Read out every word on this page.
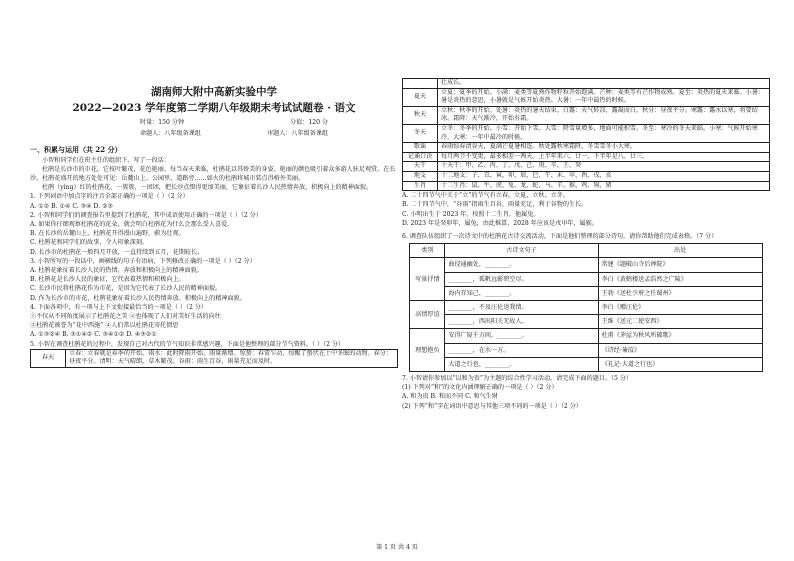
湖南师大附中高新实验中学
2022—2023 学年度第二学期八年级期末考试试题卷 · 语文
时量：150 分钟	分值：120 分
命题人：八年级备课组	审题人：八年级备课组
一、积累与运用（共 22 分）

小智和同学们在班主任的组织下，写了一段话：

杜鹃是长沙市的市花，它枝叶繁茂，花色艳丽。每当春天来临，杜鹃花以其娇美的身姿、艳丽的颜色吸引着众多游人驻足观赏。在长沙，杜鹃花盛开的地方处处可见：岳麓山上、公园里、道路旁……如火的杜鹃将城市装点得格外美丽。

杜鹃（yìng）红的杜鹃花，一簇簇、一团团，把长沙点缀得更加美丽，它象征着长沙人民热情奔放、积极向上的精神面貌。

1. 下列词语中加点字的注音全部正确的一项是（ ）（2 分）

A. ①② B. ①④ C. ③④ D. ②③

2. 小智和同学们的调查报告里提到了杜鹃花，其中成语使用正确的一项是（ ）（2 分）

A. 如果你仔细观察杜鹃花的花朵，就会明白杜鹃花为什么会那么受人喜爱。

B. 在长沙的岳麓山上，杜鹃花开得漫山遍野，蔚为壮观。

C. 杜鹃花和同学们的故事，令人印象深刻。

D. 长沙市的杜鹃花一般四月开放，一直持续到五月，花期较长。

3. 小智所写的一段话中，画横线的句子有语病，下列修改正确的一项是（ ）（2 分）

A. 杜鹃花象征着长沙人民的热情、奔放和积极向上的精神面貌。

B. 杜鹃花是长沙人民的象征，它代表着热情和积极向上。

C. 长沙市民将杜鹃花作为市花，是因为它代表了长沙人民的精神面貌。

D. 作为长沙市的市花，杜鹃花象征着长沙人民热情奔放、积极向上的精神面貌。

4. 下面各项中，有一项与上下文衔接最恰当的一项是（ ）（2 分）

①不仅从不同角度展示了杜鹃花之美 ②也体现了人们对美好生活的向往

③杜鹃花被誉为“花中西施” ④人们常以杜鹃花寄托情思

A. ①③②④ B. ③①④② C. ③④①② D. ④③②①

5. 小智在调查杜鹃花的过程中，发现自己对古代的节气知识非常感兴趣，下面是他整理的部分节气资料。（ ）（2 分）

春天	立春：立春就是春季的开始。雨水：此时降雨开始，雨量渐增。惊蛰：春雷乍动，惊醒了蛰伏在土中冬眠的动物。春分：昼夜平分。清明：天气晴朗，草木繁茂。谷雨：雨生百谷，雨量充足而及时。
	壮成长。
夏天	立夏：夏季的开始。小满：麦类等夏熟作物籽粒开始饱满。芒种：麦类等有芒作物成熟。夏至：炎热的夏天来临。小暑：暑是炎热的意思，小暑就是气候开始炎热。大暑：一年中最热的时候。
秋天	立秋：秋季的开始。处暑：炎热的暑天结束。白露：天气转凉，露凝而白。秋分：昼夜平分。寒露：露水以寒，将要结冰。霜降：天气渐冷，开始有霜。
冬天	立冬：冬季的开始。小雪：开始下雪。大雪：降雪量增多，地面可能积雪。冬至：寒冷的冬天来临。小寒：气候开始寒冷。大寒：一年中最冷的时候。
歌谣	春雨惊春清谷天，夏满芒夏暑相连。秋处露秋寒霜降，冬雪雪冬小大寒。
记诵口诀	每月两节不变更，最多相差一两天。上半年来六、廿一，下半年是八、廿三。
天干	十天干：甲、乙、丙、丁、戊、己、庚、辛、壬、癸
地支	十二地支：子、丑、寅、卯、辰、巳、午、未、申、酉、戌、亥
生肖	十二生肖：鼠、牛、虎、兔、龙、蛇、马、羊、猴、鸡、狗、猪

A. 二十四节气中关于“立”的节气有立春、立夏、立秋、立冬。

B. 二十四节气中，“谷雨”指雨生百谷，雨量充足，利于谷物的生长。

C. 小明出生于 2023 年，按照十二生肖，他属兔。

D. 2023 年是癸卯年，属兔，由此推算，2028 年应该是戊申年，属猴。

6. 调查队伍组织了一次诗文中的杜鹃花古诗交流活动，下面是他们整理的部分诗句，请你帮助他们完成表格。（7 分）

类别	古诗文句子	出处
写景抒情	曲径通幽处，________。	常建《题破山寺后禅院》
	________，孤帆远影碧空尽。	李白《黄鹤楼送孟浩然之广陵》
	海内存知己，________。	王勃《送杜少府之任蜀州》
高情厚谊	________，不及汪伦送我情。	李白《赠汪伦》
	________，西出阳关无故人。	王维《送元二使安西》
理想抱负	安得广厦千万间，________。	杜甫《茅屋为秋风所破歌》
	________，在水一方。	《诗经·蒹葭》
	大道之行也，________。	《礼记·大道之行也》

7. 小智请你参加以“以和为贵”为主题的综合性学习活动，请完成下面的题目。（5 分）

(1) 下列对“和”的文化内涵理解正确的一项是（ ）（2 分）

A. 和为贵 B. 和而不同 C. 和气生财

(2) 下列“和”字在词语中意思与其他三项不同的一项是（ ）（2 分）

第 1 页 共 4 页
